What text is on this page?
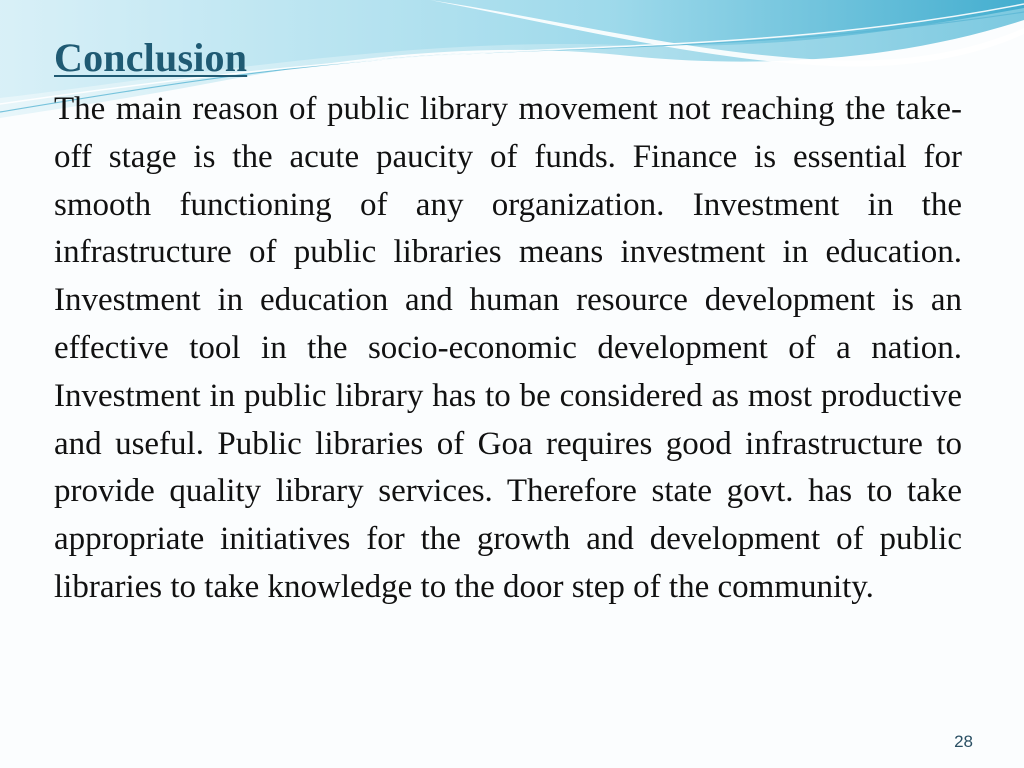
Conclusion

The main reason of public library movement not reaching the take-off stage is the acute paucity of funds. Finance is essential for smooth functioning of any organization. Investment in the infrastructure of public libraries means investment in education. Investment in education and human resource development is an effective tool in the socio-economic development of a nation. Investment in public library has to be considered as most productive and useful. Public libraries of Goa requires good infrastructure to provide quality library services. Therefore state govt. has to take appropriate initiatives for the growth and development of public libraries to take knowledge to the door step of the community.

28
